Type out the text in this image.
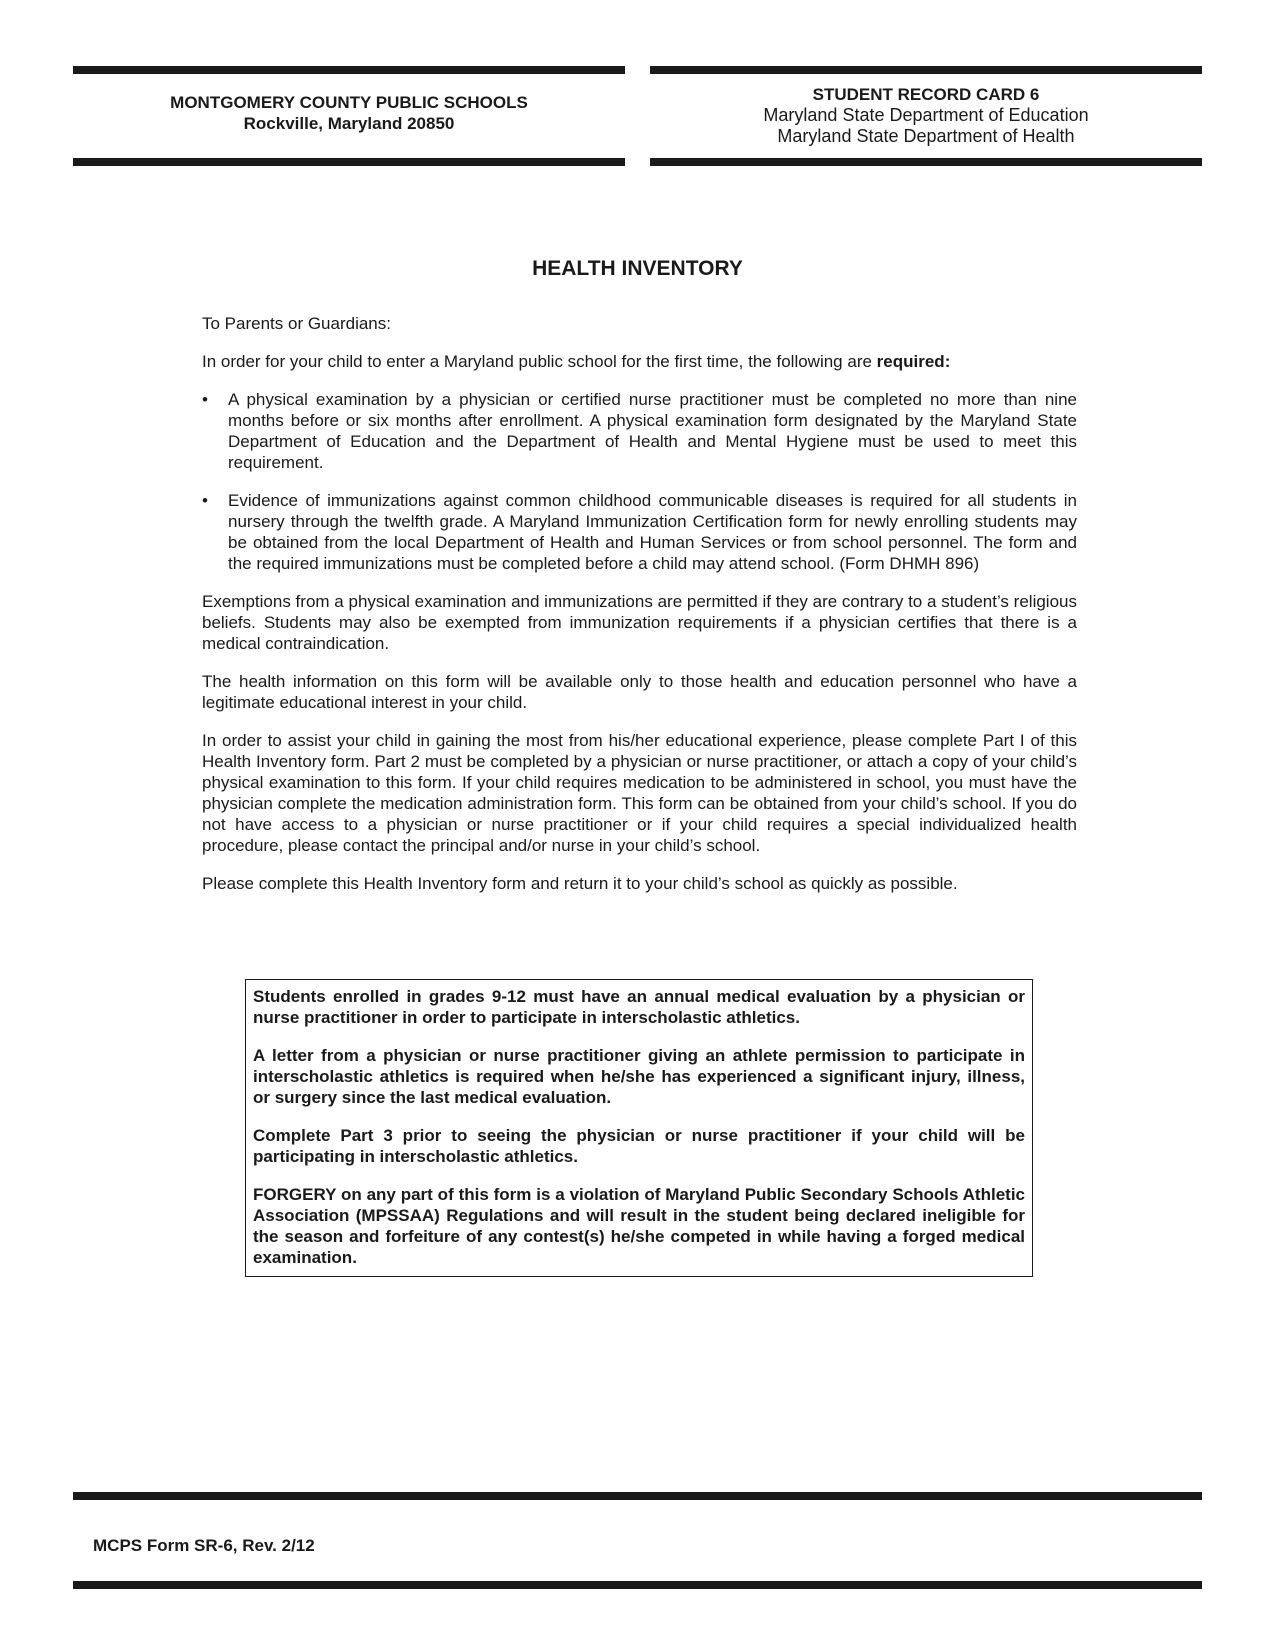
MONTGOMERY COUNTY PUBLIC SCHOOLS
Rockville, Maryland 20850
STUDENT RECORD CARD 6
Maryland State Department of Education
Maryland State Department of Health
HEALTH INVENTORY

To Parents or Guardians:

In order for your child to enter a Maryland public school for the first time, the following are required:

•	A physical examination by a physician or certified nurse practitioner must be completed no more than nine months before or six months after enrollment. A physical examination form designated by the Maryland State Department of Education and the Department of Health and Mental Hygiene must be used to meet this requirement.
•	Evidence of immunizations against common childhood communicable diseases is required for all students in nursery through the twelfth grade. A Maryland Immunization Certification form for newly enrolling students may be obtained from the local Department of Health and Human Services or from school personnel. The form and the required immunizations must be completed before a child may attend school. (Form DHMH 896)

Exemptions from a physical examination and immunizations are permitted if they are contrary to a student’s religious beliefs. Students may also be exempted from immunization requirements if a physician certifies that there is a medical contraindication.

The health information on this form will be available only to those health and education personnel who have a legitimate educational interest in your child.

In order to assist your child in gaining the most from his/her educational experience, please complete Part I of this Health Inventory form. Part 2 must be completed by a physician or nurse practitioner, or attach a copy of your child’s physical examination to this form. If your child requires medication to be administered in school, you must have the physician complete the medication administration form. This form can be obtained from your child’s school. If you do not have access to a physician or nurse practitioner or if your child requires a special individualized health procedure, please contact the principal and/or nurse in your child’s school.

Please complete this Health Inventory form and return it to your child’s school as quickly as possible.

Students enrolled in grades 9-12 must have an annual medical evaluation by a physician or nurse practitioner in order to participate in interscholastic athletics.

A letter from a physician or nurse practitioner giving an athlete permission to participate in interscholastic athletics is required when he/she has experienced a significant injury, illness, or surgery since the last medical evaluation.

Complete Part 3 prior to seeing the physician or nurse practitioner if your child will be participating in interscholastic athletics.

FORGERY on any part of this form is a violation of Maryland Public Secondary Schools Athletic Association (MPSSAA) Regulations and will result in the student being declared ineligible for the season and forfeiture of any contest(s) he/she competed in while having a forged medical examination.

MCPS Form SR-6, Rev. 2/12
